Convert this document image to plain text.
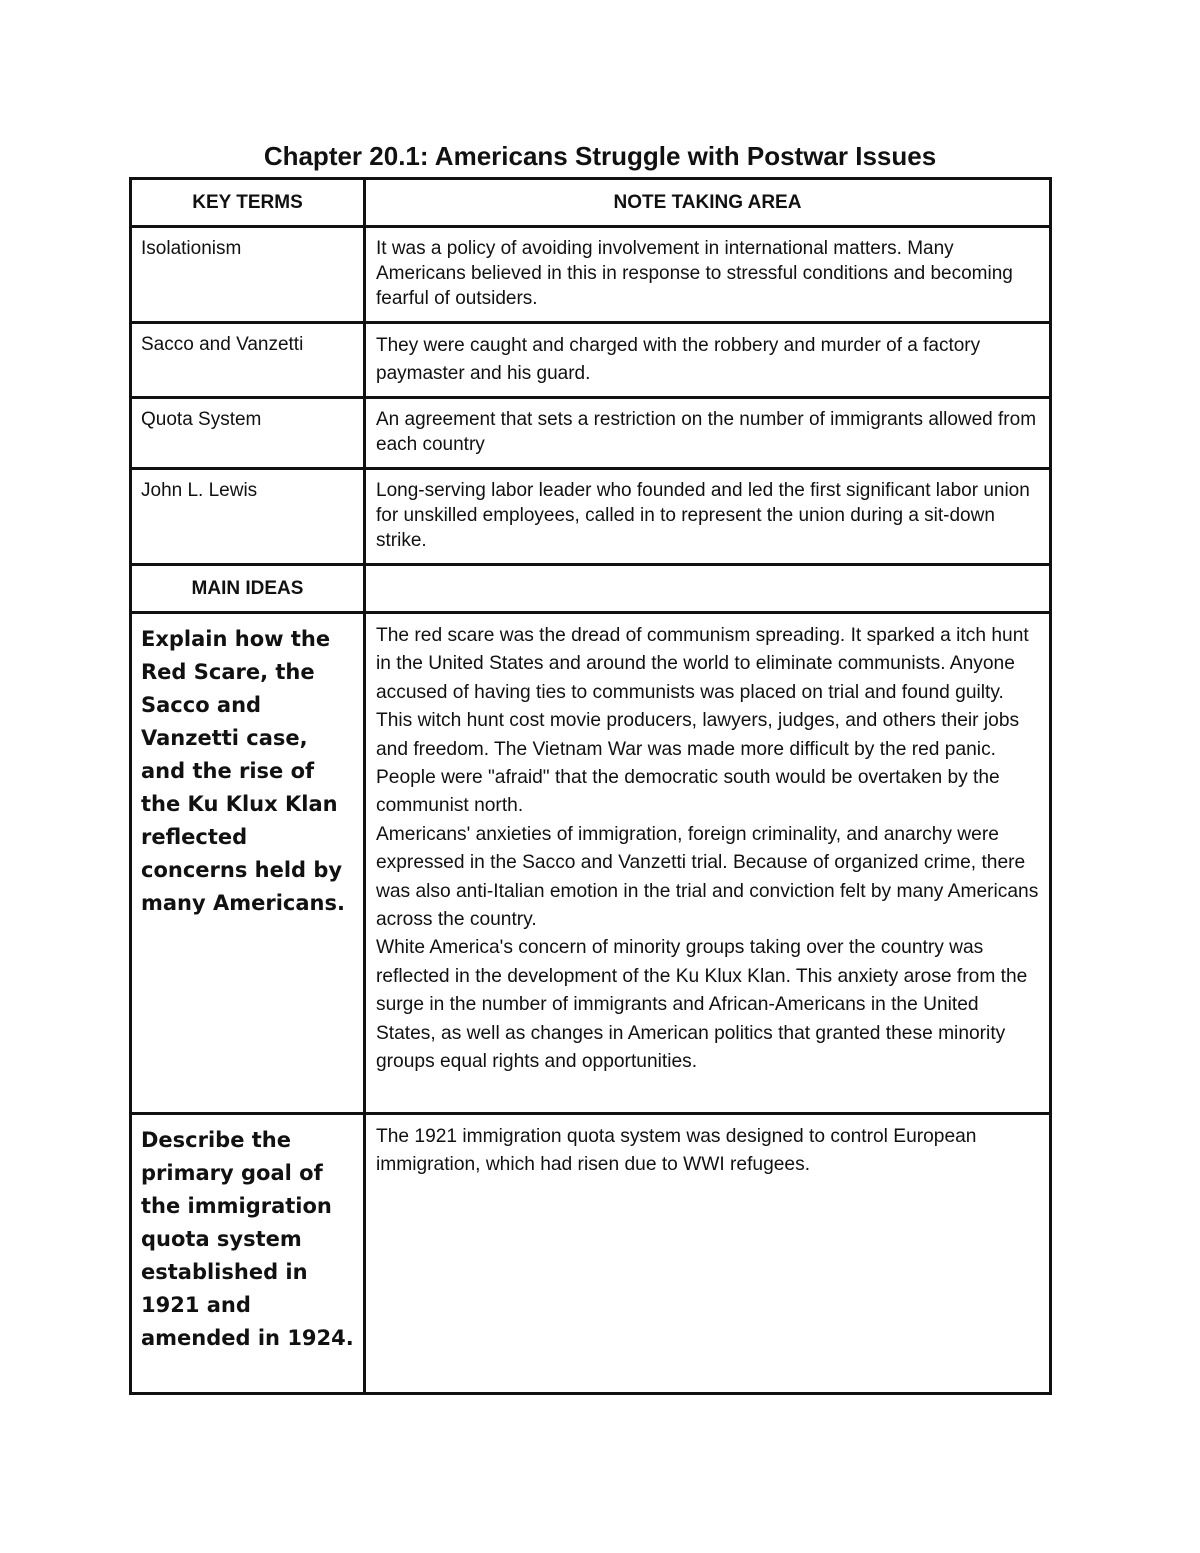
Chapter 20.1: Americans Struggle with Postwar Issues
KEY TERMS	NOTE TAKING AREA
Isolationism	It was a policy of avoiding involvement in international matters. Many Americans believed in this in response to stressful conditions and becoming fearful of outsiders.
Sacco and Vanzetti	They were caught and charged with the robbery and murder of a factory paymaster and his guard.
Quota System	An agreement that sets a restriction on the number of immigrants allowed from each country
John L. Lewis	Long-serving labor leader who founded and led the first significant labor union for unskilled employees, called in to represent the union during a sit-down strike.
MAIN IDEAS	
Explain how the Red Scare, the Sacco and Vanzetti case, and the rise of the Ku Klux Klan reflected concerns held by many Americans.	The red scare was the dread of communism spreading. It sparked a itch hunt in the United States and around the world to eliminate communists. Anyone accused of having ties to communists was placed on trial and found guilty. This witch hunt cost movie producers, lawyers, judges, and others their jobs and freedom. The Vietnam War was made more difficult by the red panic. People were "afraid" that the democratic south would be overtaken by the communist north.
Americans' anxieties of immigration, foreign criminality, and anarchy were expressed in the Sacco and Vanzetti trial. Because of organized crime, there was also anti-Italian emotion in the trial and conviction felt by many Americans across the country.
White America's concern of minority groups taking over the country was reflected in the development of the Ku Klux Klan. This anxiety arose from the surge in the number of immigrants and African-Americans in the United States, as well as changes in American politics that granted these minority groups equal rights and opportunities.

Describe the primary goal of the immigration quota system established in 1921 and amended in 1924.	The 1921 immigration quota system was designed to control European immigration, which had risen due to WWI refugees.
